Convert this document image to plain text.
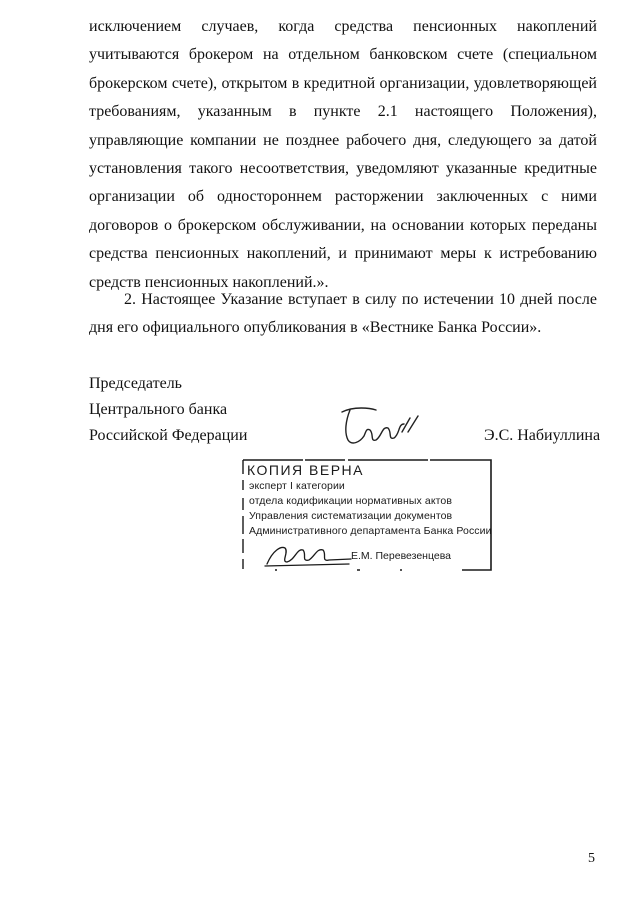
исключением случаев, когда средства пенсионных накоплений учитываются брокером на отдельном банковском счете (специальном брокерском счете), открытом в кредитной организации, удовлетворяющей требованиям, указанным в пункте 2.1 настоящего Положения), управляющие компании не позднее рабочего дня, следующего за датой установления такого несоответствия, уведомляют указанные кредитные организации об одностороннем расторжении заключенных с ними договоров о брокерском обслуживании, на основании которых переданы средства пенсионных накоплений, и принимают меры к истребованию средств пенсионных накоплений.».

2. Настоящее Указание вступает в силу по истечении 10 дней после дня его официального опубликования в «Вестнике Банка России».

Председатель

Центрального банка

Российской Федерации	Э.С. Набиуллина

КОПИЯ ВЕРНА
эксперт I категории
отдела кодификации нормативных актов
Управления систематизации документов
Административного департамента Банка России
Е.М. Перевезенцева

5
